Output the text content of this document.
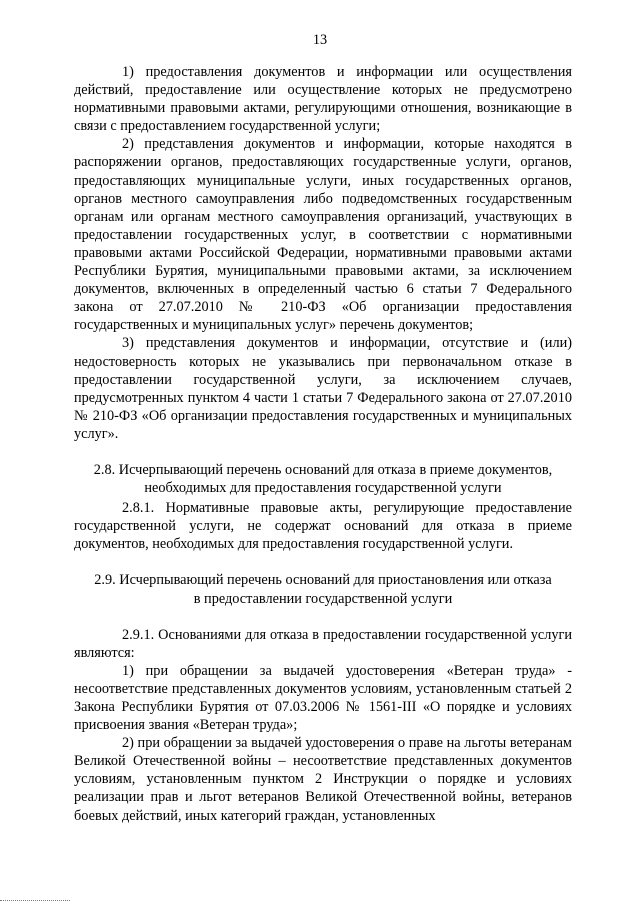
13

1) предоставления документов и информации или осуществления действий, предоставление или осуществление которых не предусмотрено нормативными правовыми актами, регулирующими отношения, возникающие в связи с предоставлением государственной услуги;

2) представления документов и информации, которые находятся в распоряжении органов, предоставляющих государственные услуги, органов, предоставляющих муниципальные услуги, иных государственных органов, органов местного самоуправления либо подведомственных государственным органам или органам местного самоуправления организаций, участвующих в предоставлении государственных услуг, в соответствии с нормативными правовыми актами Российской Федерации, нормативными правовыми актами Республики Бурятия, муниципальными правовыми актами, за исключением документов, включенных в определенный частью 6 статьи 7 Федерального закона от 27.07.2010 № 210-ФЗ «Об организации предоставления государственных и муниципальных услуг» перечень документов;

3) представления документов и информации, отсутствие и (или) недостоверность которых не указывались при первоначальном отказе в предоставлении государственной услуги, за исключением случаев, предусмотренных пунктом 4 части 1 статьи 7 Федерального закона от 27.07.2010 № 210-ФЗ «Об организации предоставления государственных и муниципальных услуг».

2.8. Исчерпывающий перечень оснований для отказа в приеме документов, необходимых для предоставления государственной услуги

2.8.1. Нормативные правовые акты, регулирующие предоставление государственной услуги, не содержат оснований для отказа в приеме документов, необходимых для предоставления государственной услуги.

2.9. Исчерпывающий перечень оснований для приостановления или отказа в предоставлении государственной услуги

2.9.1. Основаниями для отказа в предоставлении государственной услуги являются:

1) при обращении за выдачей удостоверения «Ветеран труда» - несоответствие представленных документов условиям, установленным статьей 2 Закона Республики Бурятия от 07.03.2006 № 1561-III «О порядке и условиях присвоения звания «Ветеран труда»;

2) при обращении за выдачей удостоверения о праве на льготы ветеранам Великой Отечественной войны – несоответствие представленных документов условиям, установленным пунктом 2 Инструкции о порядке и условиях реализации прав и льгот ветеранов Великой Отечественной войны, ветеранов боевых действий, иных категорий граждан, установленных
